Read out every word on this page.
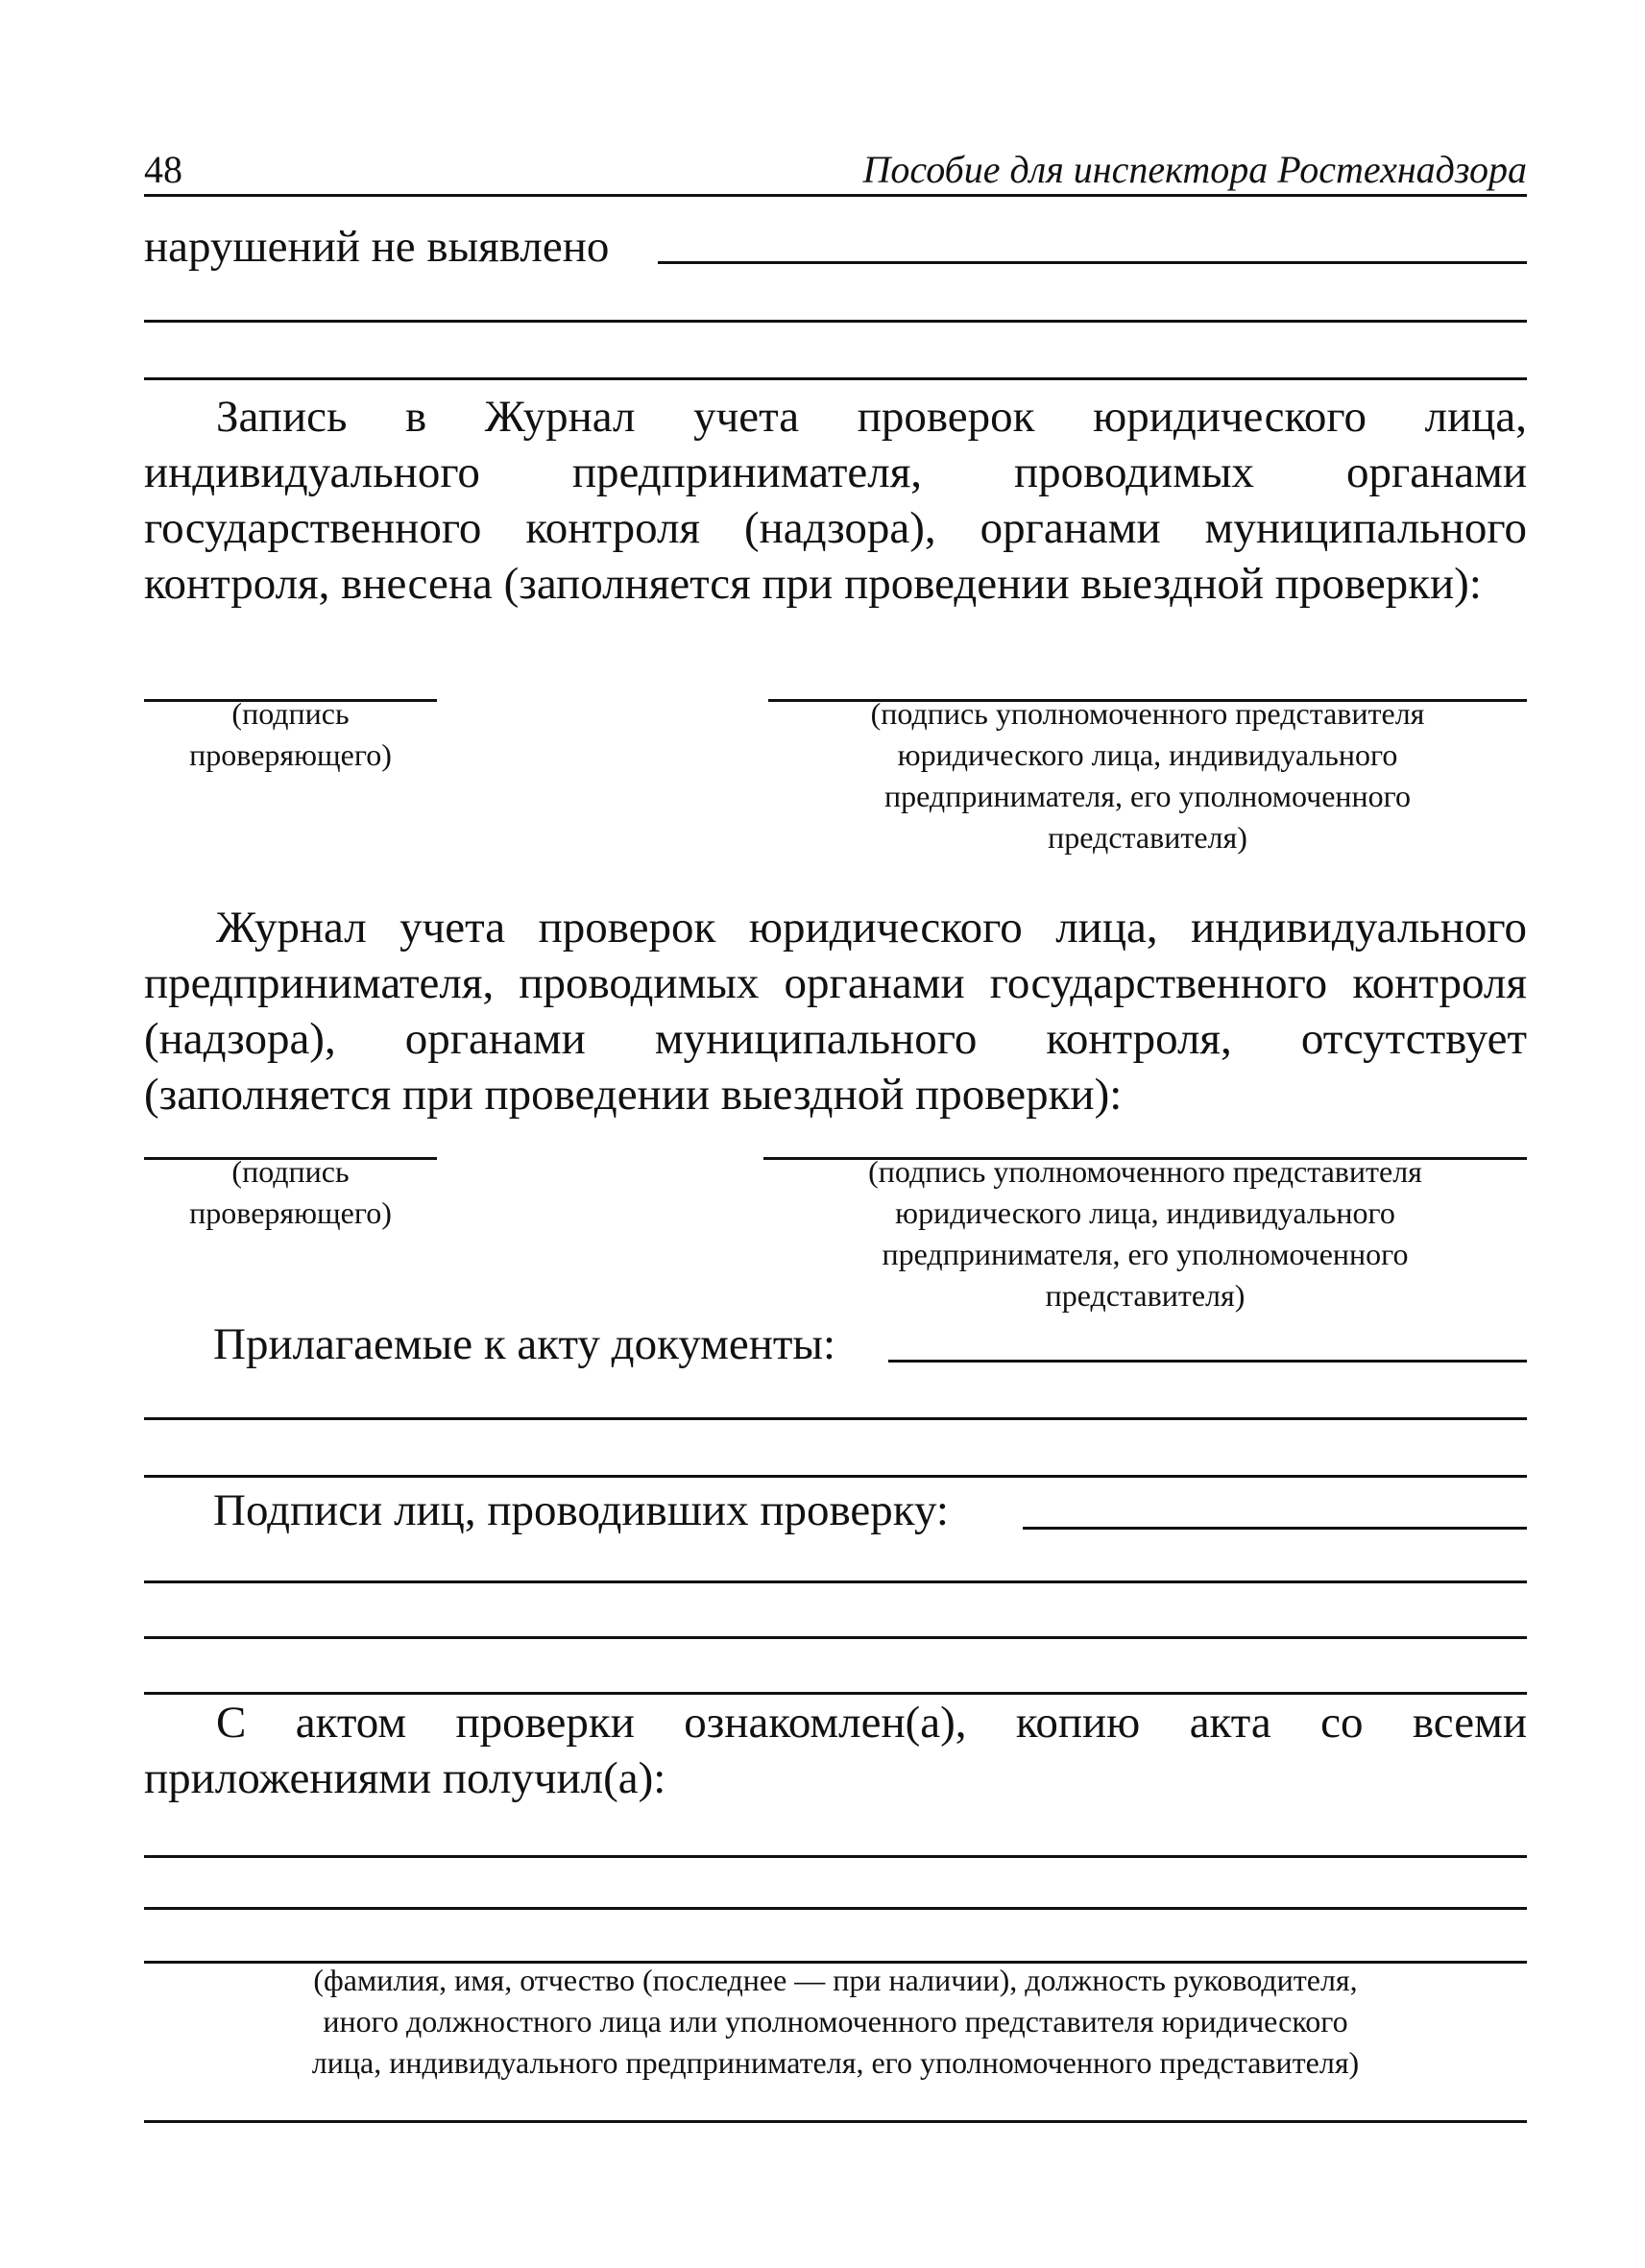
48	Пособие для инспектора Ростехнадзора
нарушений не выявлено

Запись в Журнал учета проверок юридического лица, индивидуального предпринимателя, проводимых органами государственного контроля (надзора), органами муниципального контроля, внесена (заполняется при проведении выездной проверки):

(подпись
проверяющего)
(подпись уполномоченного представителя
юридического лица, индивидуального
предпринимателя, его уполномоченного
представителя)

Журнал учета проверок юридического лица, индивидуального предпринимателя, проводимых органами государственного контроля (надзора), органами муниципального контроля, отсутствует (заполняется при проведении выездной проверки):

(подпись
проверяющего)
(подпись уполномоченного представителя
юридического лица, индивидуального
предпринимателя, его уполномоченного
представителя)
Прилагаемые к акту документы:
Подписи лиц, проводивших проверку:

С актом проверки ознакомлен(а), копию акта со всеми приложениями получил(а):

(фамилия, имя, отчество (последнее — при наличии), должность руководителя,
иного должностного лица или уполномоченного представителя юридического
лица, индивидуального предпринимателя, его уполномоченного представителя)
